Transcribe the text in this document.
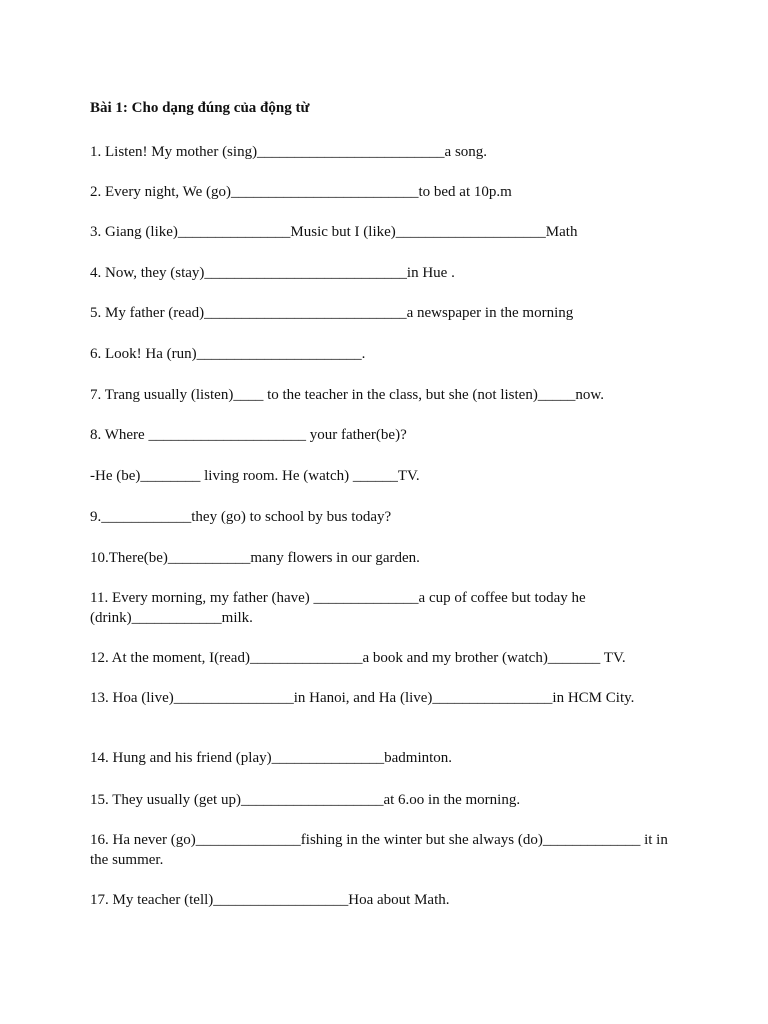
Bài 1: Cho dạng đúng của động từ
1. Listen! My mother (sing)_________________________a song.
2. Every night, We (go)_________________________to bed at 10p.m
3. Giang (like)_______________Music but I (like)____________________Math
4. Now, they (stay)___________________________in Hue .
5. My father (read)___________________________a newspaper in the morning
6. Look! Ha (run)______________________.
7. Trang usually (listen)____ to the teacher in the class, but she (not listen)_____now.
8. Where _____________________ your father(be)?
-He (be)________ living room. He (watch) ______TV.
9.____________they (go) to school by bus today?
10.There(be)___________many flowers in our garden.
11. Every morning, my father (have) ______________a cup of coffee but today he (drink)____________milk.
12. At the moment, I(read)_______________a book and my brother (watch)_______ TV.
13. Hoa (live)________________in Hanoi, and Ha (live)________________in HCM City.
14. Hung and his friend (play)_______________badminton.
15. They usually (get up)___________________at 6.oo in the morning.
16. Ha never (go)______________fishing in the winter but she always (do)_____________ it in the summer.
17. My teacher (tell)__________________Hoa about Math.
